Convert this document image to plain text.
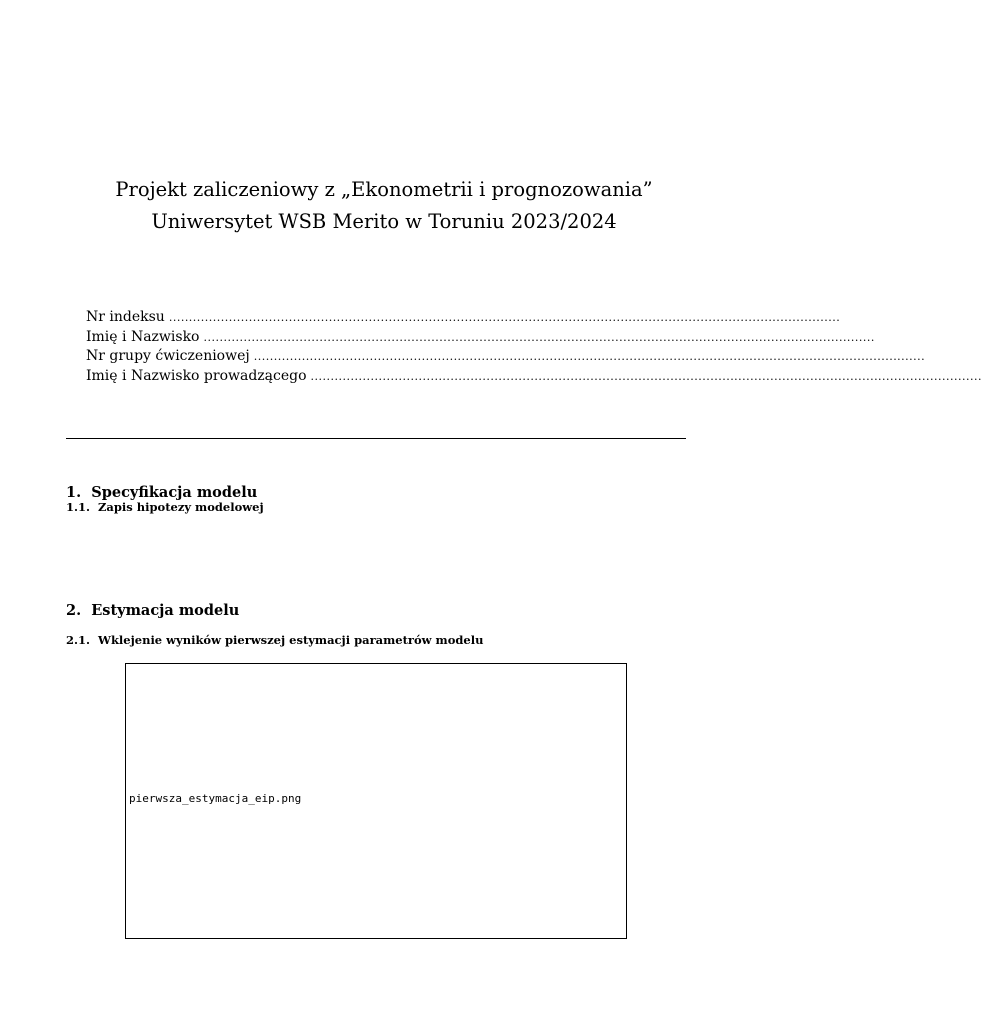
Projekt zaliczeniowy z „Ekonometrii i prognozowania”
Uniwersytet WSB Merito w Toruniu 2023/2024
Nr indeksu ........................................................................................................................................................................
Imię i Nazwisko ........................................................................................................................................................................
Nr grupy ćwiczeniowej ........................................................................................................................................................................
Imię i Nazwisko prowadzącego ........................................................................................................................................................................
1. Specyfikacja modelu
1.1. Zapis hipotezy modelowej
2. Estymacja modelu
2.1. Wklejenie wyników pierwszej estymacji parametrów modelu
pierwsza_estymacja_eip.png
